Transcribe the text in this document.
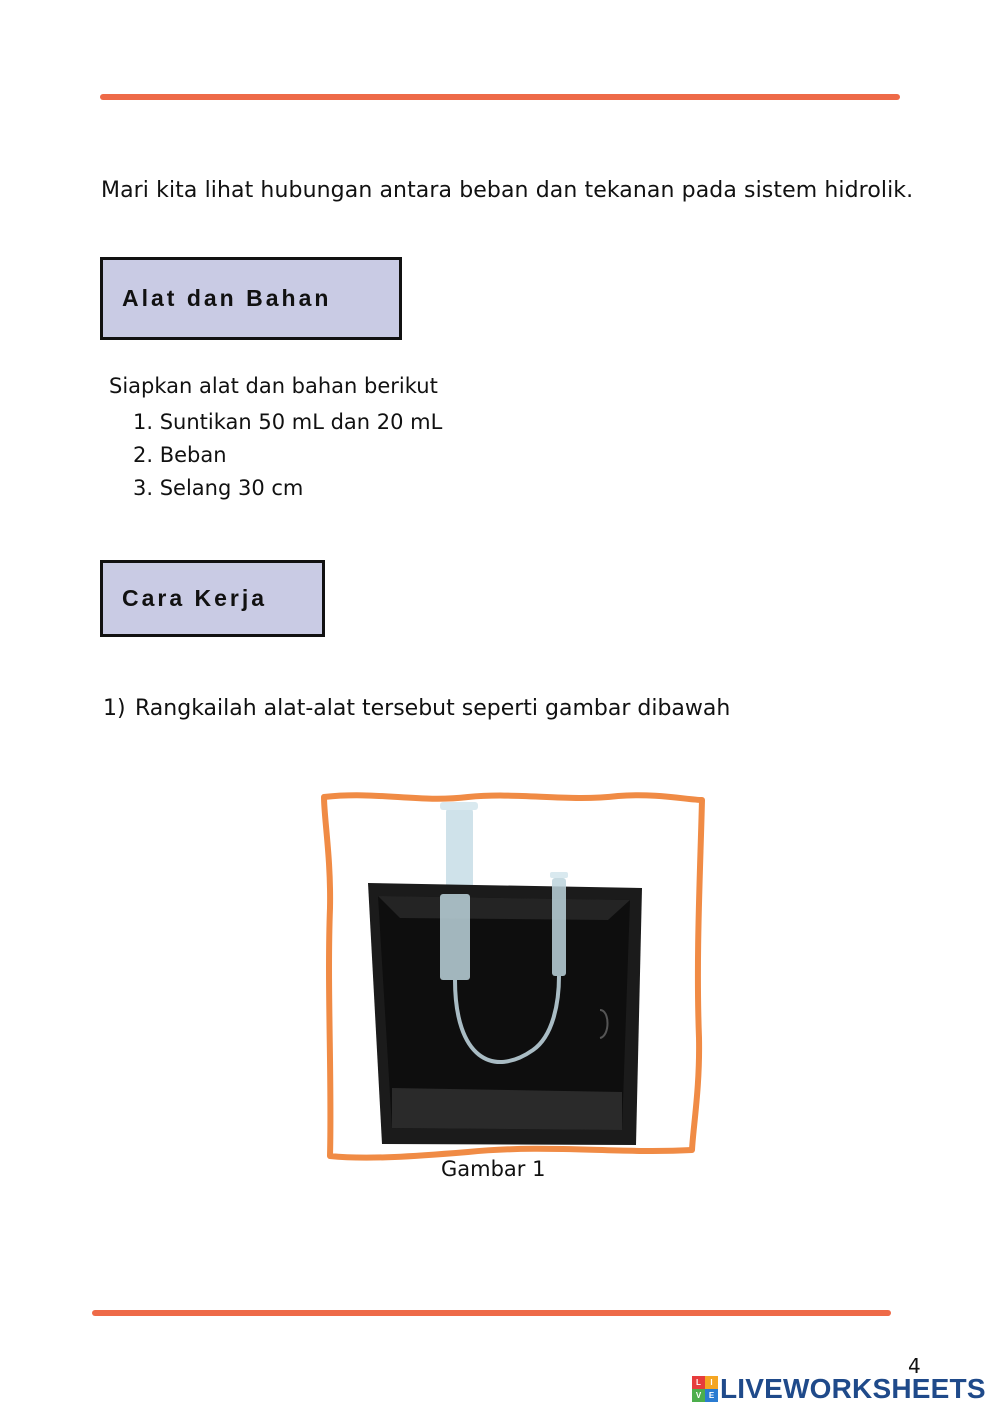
Mari kita lihat hubungan antara beban dan tekanan pada sistem hidrolik.
Alat dan Bahan
Siapkan alat dan bahan berikut
1. Suntikan 50 mL dan 20 mL
2. Beban
3. Selang 30 cm
Cara Kerja
1) Rangkailah alat-alat tersebut seperti gambar dibawah
Gambar 1
4
L	I
V E LIVEWORKSHEETS
